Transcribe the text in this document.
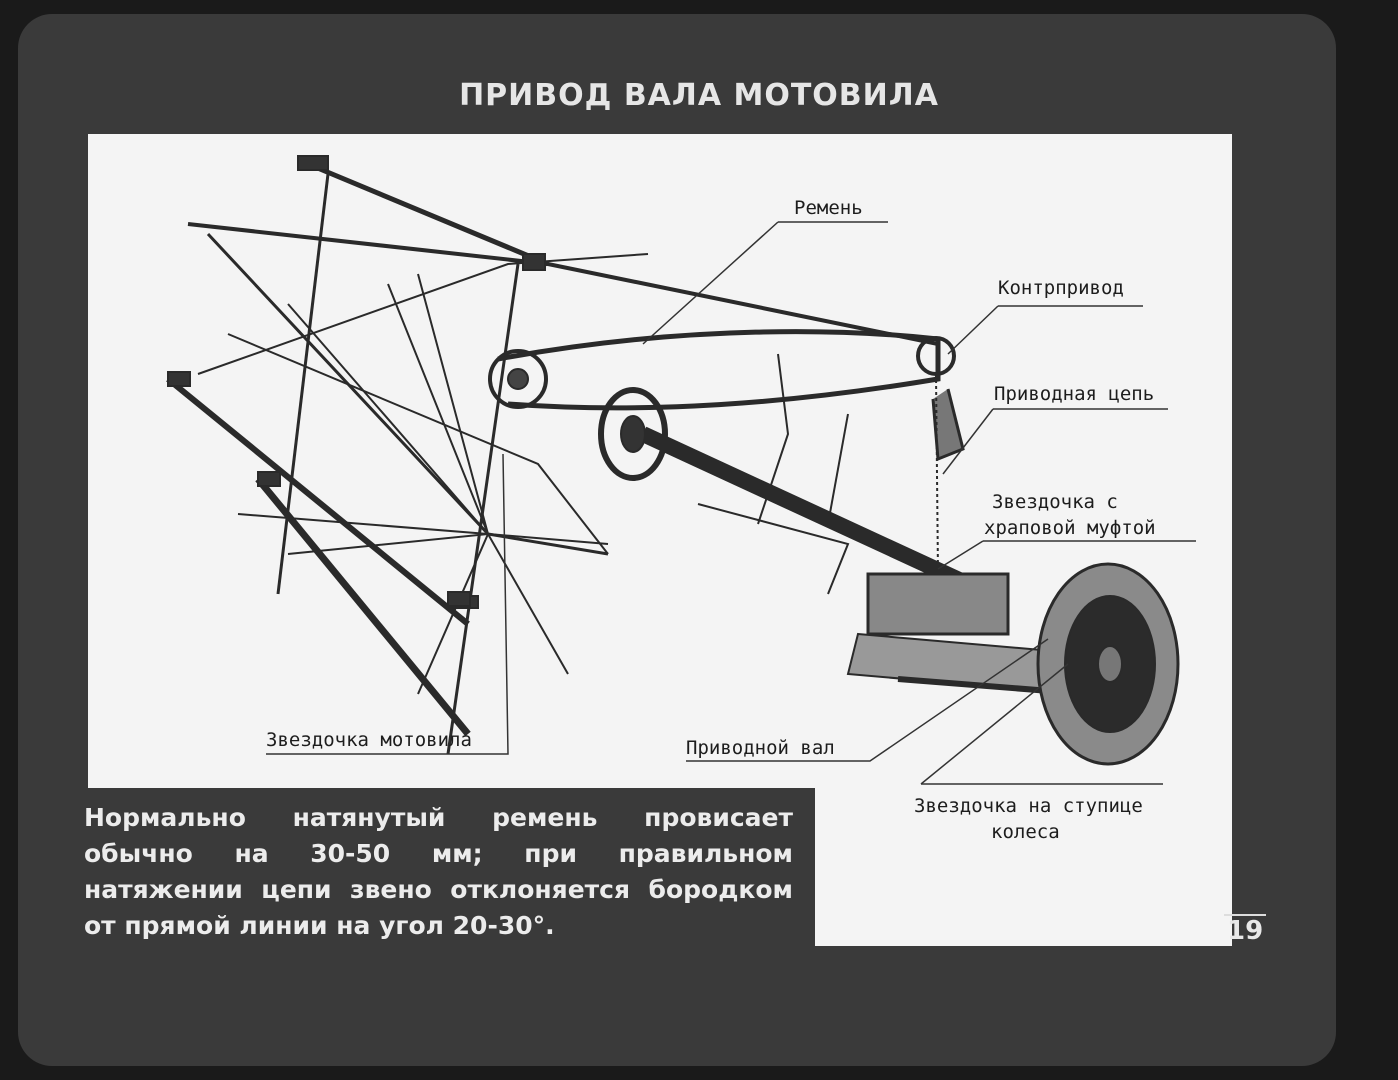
ПРИВОД ВАЛА МОТОВИЛА
Ремень
Контрпривод
Приводная цепь
Звездочка с
храповой муфтой
Звездочка мотовила	Приводной вал
Звездочка на ступице
колеса

Нормально натянутый ремень провисает обычно на 30-50 мм; при правильном натяжении цепи звено отклоняется бородком от прямой линии на угол 20-30°.	19
